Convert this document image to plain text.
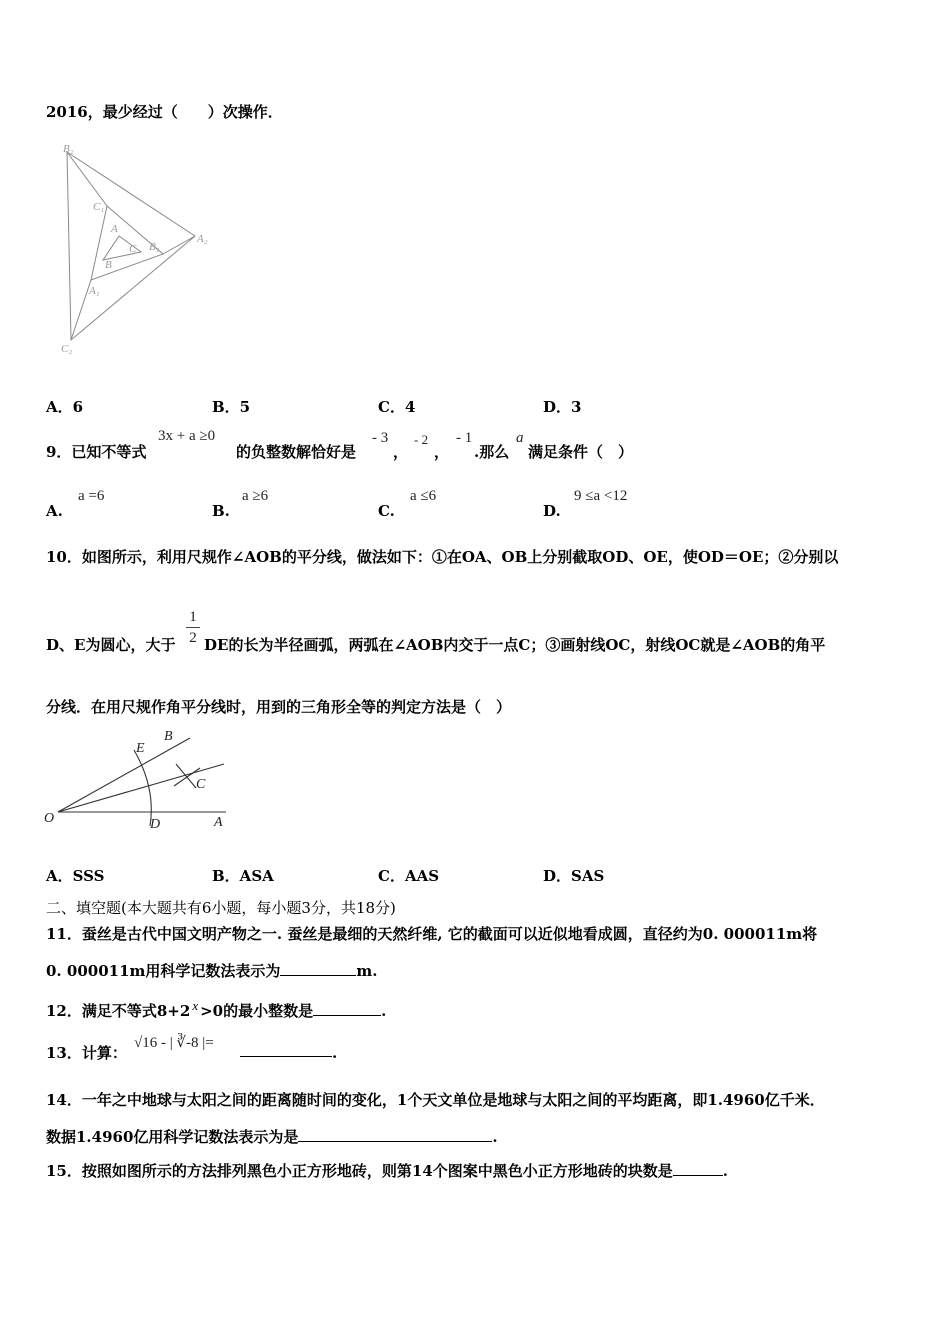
2016，最少经过（　　）次操作．
B₂
C₁
A
C B₁
A₂
B
A₁
C₂
A．6	B．5	C．4	D．3
9．已知不等式
3x + a ≥0
的负整数解恰好是
- 3
，
- 2
，
- 1
.那么
a
满足条件（　）
A.
a =6
B.
a ≥6
C.
a ≤6
D.
9 ≤a <12
10．如图所示，利用尺规作∠AOB的平分线，做法如下：①在OA、OB上分别截取OD、OE，使OD＝OE；②分别以
D、E为圆心，大于
1
2 DE的长为半径画弧，两弧在∠AOB内交于一点C；③画射线OC，射线OC就是∠AOB的角平
分线．在用尺规作角平分线时，用到的三角形全等的判定方法是（　）
B
E
C
O	D	A
A．SSS	B．ASA	C．AAS	D．SAS
二、填空题(本大题共有6小题，每小题3分，共18分)
11．蚕丝是古代中国文明产物之一. 蚕丝是最细的天然纤维, 它的截面可以近似地看成圆，直径约为0. 000011m将
0. 000011m用科学记数法表示为	m.
12．满足不等式8+2 x >0的最小整数是	.
13．计算：
√16 - | ∛-8 |=
.
14．一年之中地球与太阳之间的距离随时间的变化，1个天文单位是地球与太阳之间的平均距离，即1.4960亿千米．
数据1.4960亿用科学记数法表示为是	.
15．按照如图所示的方法排列黑色小正方形地砖，则第14个图案中黑色小正方形地砖的块数是	.
